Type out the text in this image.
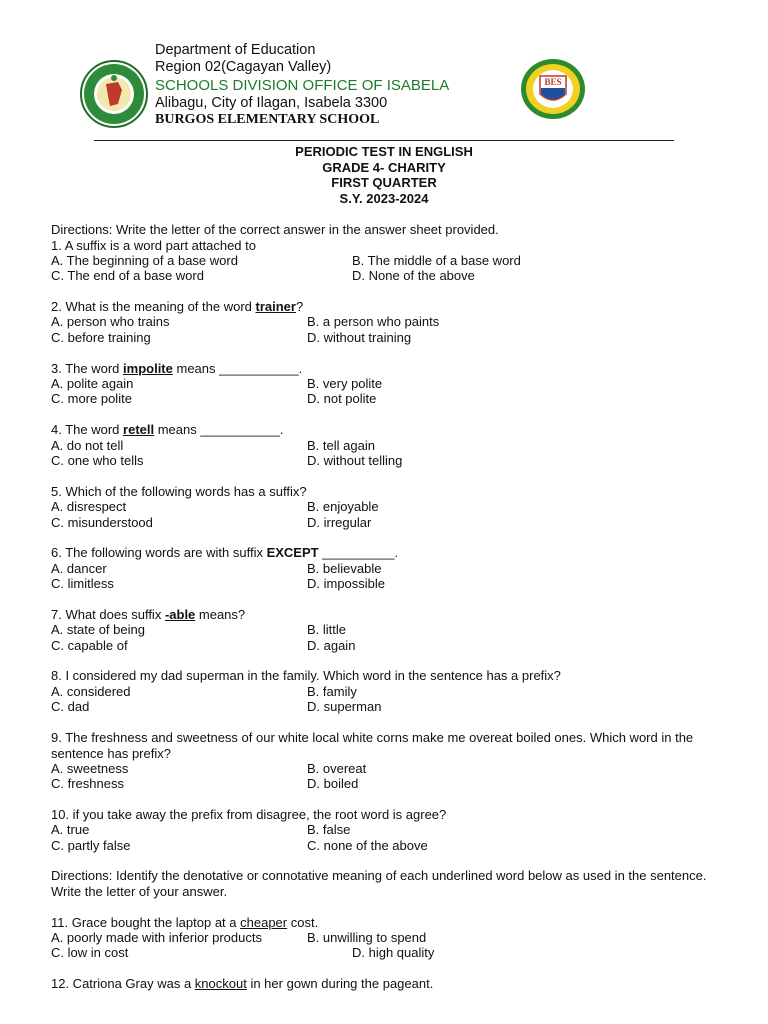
BES
Department of Education
Region 02(Cagayan Valley)
SCHOOLS DIVISION OFFICE OF ISABELA
Alibagu, City of Ilagan, Isabela 3300
BURGOS ELEMENTARY SCHOOL
PERIODIC TEST IN ENGLISH
GRADE 4- CHARITY
FIRST QUARTER
S.Y. 2023-2024
Directions: Write the letter of the correct answer in the answer sheet provided.
1. A suffix is a word part attached to
A. The beginning of a base word	B. The middle of a base word
C. The end of a base word	D. None of the above
2. What is the meaning of the word trainer?
A. person who trains	B. a person who paints
C. before training	D. without training
3. The word impolite means ___________.
A. polite again	B. very polite
C. more polite	D. not polite
4. The word retell means ___________.
A. do not tell	B. tell again
C. one who tells	D. without telling
5. Which of the following words has a suffix?
A. disrespect	B. enjoyable
C. misunderstood	D. irregular
6. The following words are with suffix EXCEPT __________.
A. dancer	B. believable
C. limitless	D. impossible
7. What does suffix -able means?
A. state of being	B. little
C. capable of	D. again
8. I considered my dad superman in the family. Which word in the sentence has a prefix?
A. considered	B. family
C. dad	D. superman
9. The freshness and sweetness of our white local white corns make me overeat boiled ones. Which word in the sentence has prefix?
A. sweetness	B. overeat
C. freshness	D. boiled
10. if you take away the prefix from disagree, the root word is agree?
A. true	B. false
C. partly false	C. none of the above
Directions: Identify the denotative or connotative meaning of each underlined word below as used in the sentence. Write the letter of your answer.
11. Grace bought the laptop at a cheaper cost.
A. poorly made with inferior products	B. unwilling to spend
C. low in cost	D. high quality
12. Catriona Gray was a knockout in her gown during the pageant.
